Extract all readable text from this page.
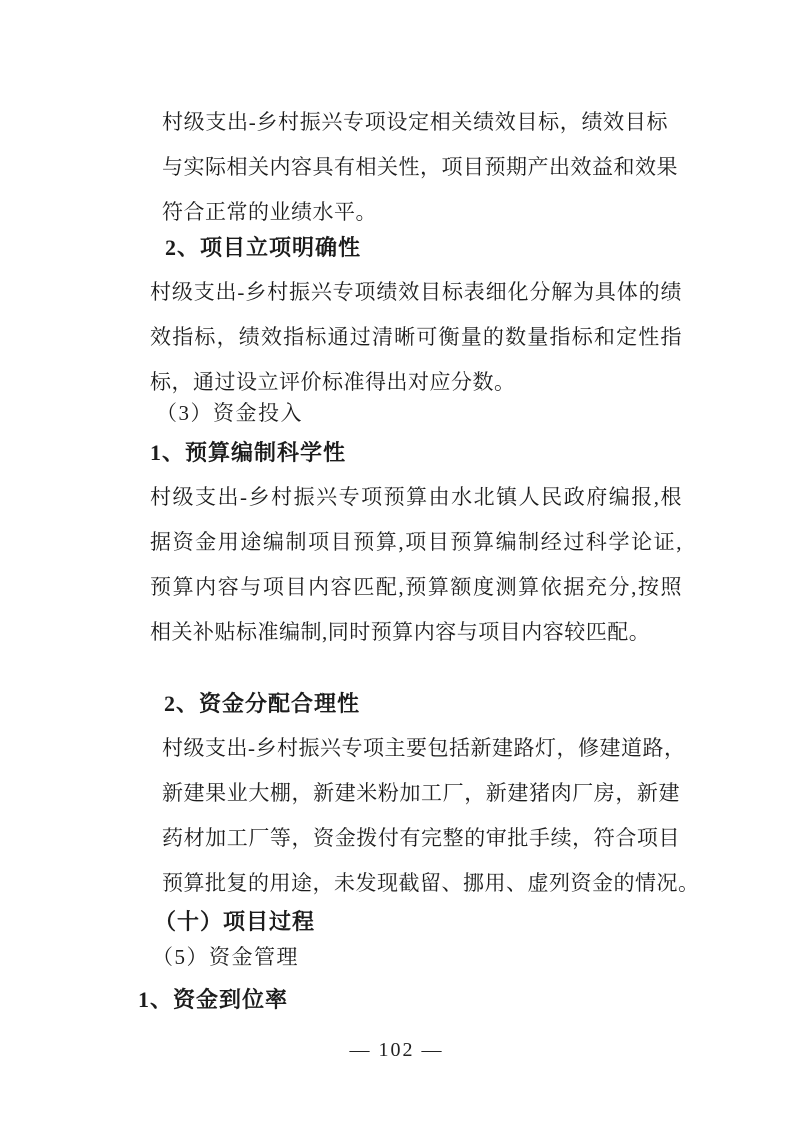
村级支出-乡村振兴专项设定相关绩效目标，绩效目标
与实际相关内容具有相关性，项目预期产出效益和效果
符合正常的业绩水平。
2、项目立项明确性
村级支出-乡村振兴专项绩效目标表细化分解为具体的绩
效指标，绩效指标通过清晰可衡量的数量指标和定性指
标，通过设立评价标准得出对应分数。
（3）资金投入
1、预算编制科学性
村级支出-乡村振兴专项预算由水北镇人民政府编报,根
据资金用途编制项目预算,项目预算编制经过科学论证,
预算内容与项目内容匹配,预算额度测算依据充分,按照
相关补贴标准编制,同时预算内容与项目内容较匹配。
2、资金分配合理性
村级支出-乡村振兴专项主要包括新建路灯，修建道路，
新建果业大棚，新建米粉加工厂，新建猪肉厂房，新建
药材加工厂等，资金拨付有完整的审批手续，符合项目
预算批复的用途，未发现截留、挪用、虚列资金的情况。
（十）项目过程
（5）资金管理
1、资金到位率
— 102 —
